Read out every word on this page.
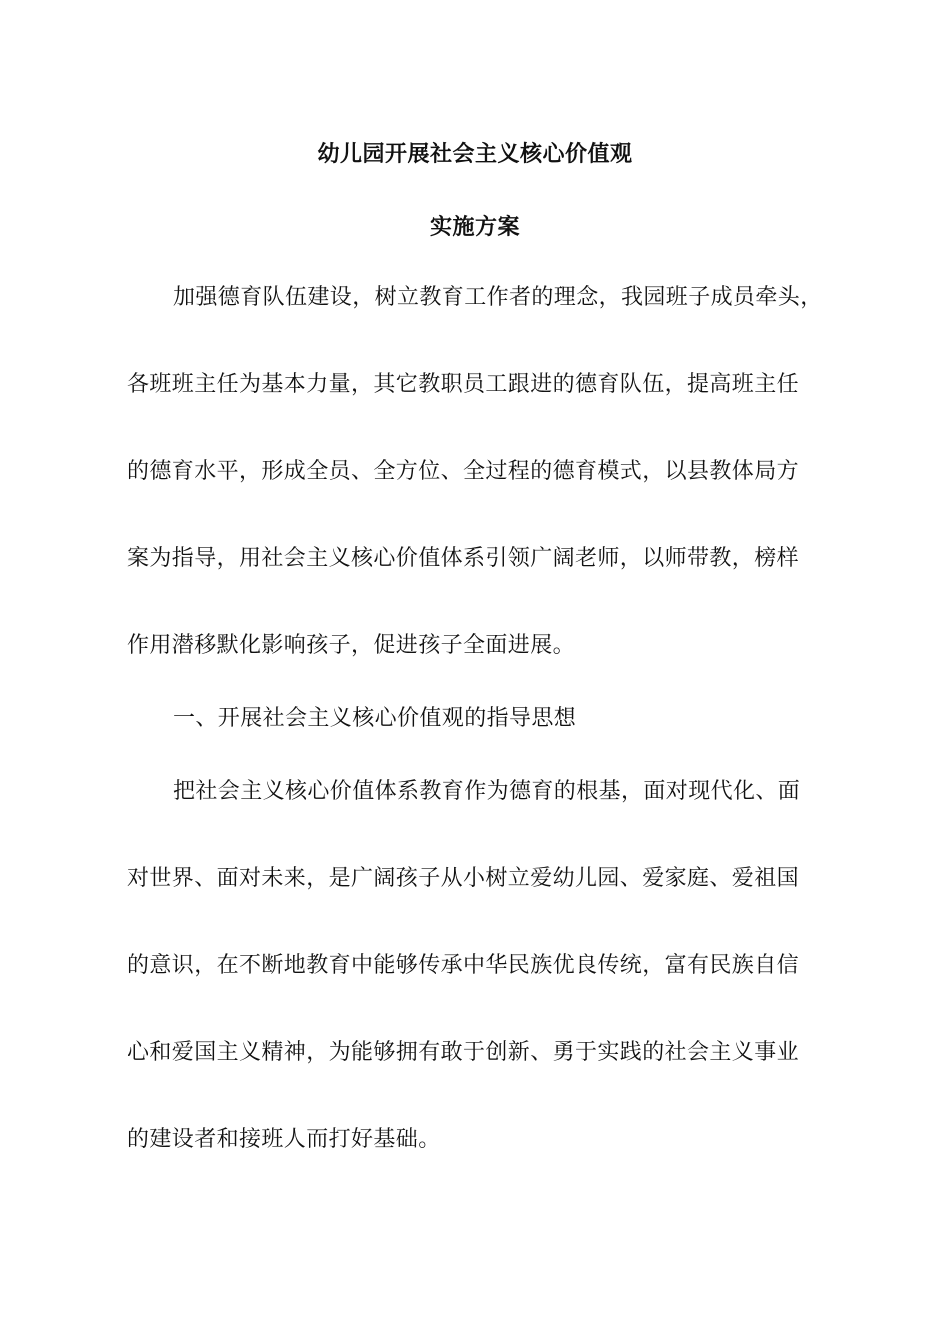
幼儿园开展社会主义核心价值观
实施方案
加强德育队伍建设，树立教育工作者的理念，我园班子成员牵头，
各班班主任为基本力量，其它教职员工跟进的德育队伍，提高班主任
的德育水平，形成全员、全方位、全过程的德育模式，以县教体局方
案为指导，用社会主义核心价值体系引领广阔老师，以师带教，榜样
作用潜移默化影响孩子，促进孩子全面进展。
一、开展社会主义核心价值观的指导思想
把社会主义核心价值体系教育作为德育的根基，面对现代化、面
对世界、面对未来，是广阔孩子从小树立爱幼儿园、爱家庭、爱祖国
的意识，在不断地教育中能够传承中华民族优良传统，富有民族自信
心和爱国主义精神，为能够拥有敢于创新、勇于实践的社会主义事业
的建设者和接班人而打好基础。
